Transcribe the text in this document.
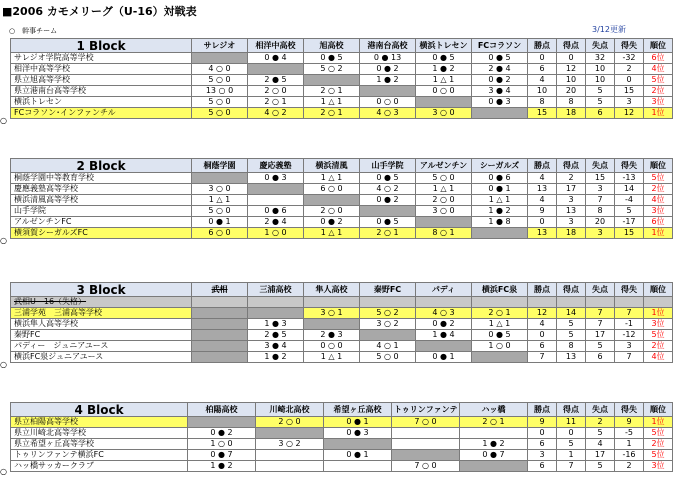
■2006 カモメリーグ（U-16）対戦表
○　幹事チーム	3/12更新
1 Block	サレジオ	相洋中高校	旭高校	港南台高校	横浜トレセン	FCコラソン	勝点	得点	失点	得失	順位
サレジオ学院高等学校		0 ● 4	0 ● 5	0 ● 13	0 ● 5	0 ● 5	0	0	32	-32	6位
相洋中高等学校	4 ○ 0		5 ○ 2	0 ● 2	1 ● 2	2 ● 4	6	12	10	2	4位
県立旭高等学校	5 ○ 0	2 ● 5		1 ● 2	1 △ 1	0 ● 2	4	10	10	0	5位
県立港南台高等学校	13 ○ 0	2 ○ 0	2 ○ 1		0 ○ 0	3 ● 4	10	20	5	15	2位
横浜トレセン	5 ○ 0	2 ○ 1	1 △ 1	0 ○ 0		0 ● 3	8	8	5	3	3位
FCコラソン･インファンチル	5 ○ 0	4 ○ 2	2 ○ 1	4 ○ 3	3 ○ 0		15	18	6	12	1位
2 Block	桐蔭学園	慶応義塾	横浜清風	山手学院	アルゼンチン	シーガルズ	勝点	得点	失点	得失	順位
桐蔭学園中等教育学校		0 ● 3	1 △ 1	0 ● 5	5 ○ 0	0 ● 6	4	2	15	-13	5位
慶應義塾高等学校	3 ○ 0		6 ○ 0	4 ○ 2	1 △ 1	0 ● 1	13	17	3	14	2位
横浜清風高等学校	1 △ 1			0 ● 2	2 ○ 0	1 △ 1	4	3	7	-4	4位
山手学院	5 ○ 0	0 ● 6	2 ○ 0		3 ○ 0	1 ● 2	9	13	8	5	3位
アルゼンチンFC	0 ● 1	2 ● 4	0 ● 2	0 ● 5		1 ● 8	0	3	20	-17	6位
横須賀シーガルズFC	6 ○ 0	1 ○ 0	1 △ 1	2 ○ 1	8 ○ 1		13	18	3	15	1位
3 Block	武相	三浦高校	隼人高校	秦野FC	パディ	横浜FC泉	勝点	得点	失点	得失	順位
武相U－16（失格）											
三浦学苑　三浦高等学校			3 ○ 1	5 ○ 2	4 ○ 3	2 ○ 1	12	14	7	7	1位
横浜隼人高等学校		1 ● 3		3 ○ 2	0 ● 2	1 △ 1	4	5	7	-1	3位
秦野FC		2 ● 5	2 ● 3		1 ● 4	0 ● 5	0	5	17	-12	5位
パディー　ジュニアユース		3 ● 4	0 ○ 0	4 ○ 1		1 ○ 0	6	8	5	3	2位
横浜FC泉ジュニアユース		1 ● 2	1 △ 1	5 ○ 0	0 ● 1		7	13	6	7	4位
4 Block	柏陽高校	川崎北高校	希望ヶ丘高校	トゥリンファンテ	ハッ橋	勝点	得点	失点	得失	順位
県立柏陽高等学校		2 ○ 0	0 ● 1	7 ○ 0	2 ○ 1	9	11	2	9	1位
県立川崎北高等学校	0 ● 2		0 ● 3			0	0	5	-5	5位
県立希望ヶ丘高等学校	1 ○ 0	3 ○ 2			1 ● 2	6	5	4	1	2位
トゥリンファンテ横浜FC	0 ● 7		0 ● 1		0 ● 7	3	1	17	-16	5位
ハッ橋サッカークラブ	1 ● 2			7 ○ 0		6	7	5	2	3位
○
○
○
○
